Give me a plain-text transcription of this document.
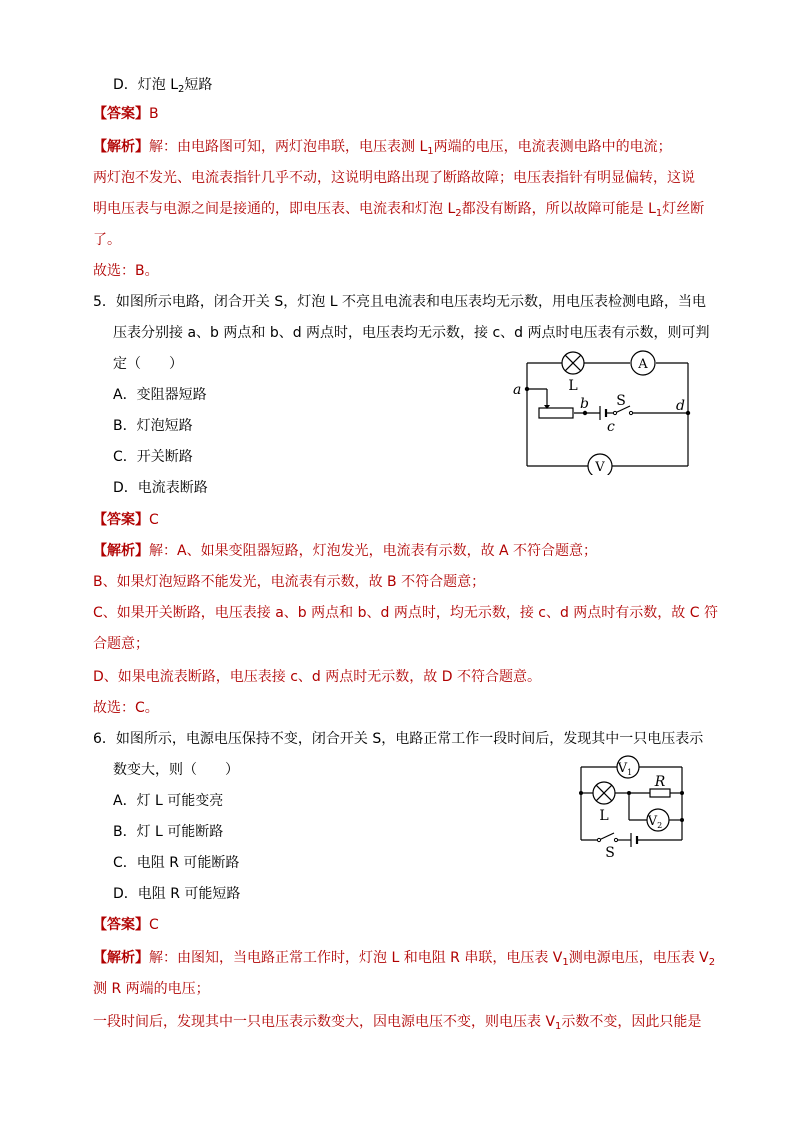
D．灯泡 $L_2$短路
【答案】B
【解析】解：由电路图可知，两灯泡串联，电压表测 $L_1$两端的电压，电流表测电路中的电流；
两灯泡不发光、电流表指针几乎不动，这说明电路出现了断路故障；电压表指针有明显偏转，这说
明电压表与电源之间是接通的，即电压表、电流表和灯泡 $L_2$都没有断路，所以故障可能是 $L_1$灯丝断
了。
故选：B。
5．如图所示电路，闭合开关 S，灯泡 L 不亮且电流表和电压表均无示数，用电压表检测电路，当电
压表分别接 a、b 两点和 b、d 两点时，电压表均无示数，接 c、d 两点时电压表有示数，则可判
定（　　）
A．变阻器短路
B．灯泡短路
C．开关断路
D．电流表断路
A
V
L
S
a
b
c
d
【答案】C
【解析】解：A、如果变阻器短路，灯泡发光，电流表有示数，故 A 不符合题意；
B、如果灯泡短路不能发光，电流表有示数，故 B 不符合题意；
C、如果开关断路，电压表接 a、b 两点和 b、d 两点时，均无示数，接 c、d 两点时有示数，故 C 符
合题意；
D、如果电流表断路，电压表接 c、d 两点时无示数，故 D 不符合题意。
故选：C。
6．如图所示，电源电压保持不变，闭合开关 S，电路正常工作一段时间后，发现其中一只电压表示
数变大，则（　　）
A．灯 L 可能变亮
B．灯 L 可能断路
C．电阻 R 可能断路
D．电阻 R 可能短路
$V_1$
$V_2$
R
L
S
【答案】C
【解析】解：由图知，当电路正常工作时，灯泡 L 和电阻 R 串联，电压表 $V_1$测电源电压，电压表 $V_2$
测 R 两端的电压；
一段时间后，发现其中一只电压表示数变大，因电源电压不变，则电压表 $V_1$示数不变，因此只能是
